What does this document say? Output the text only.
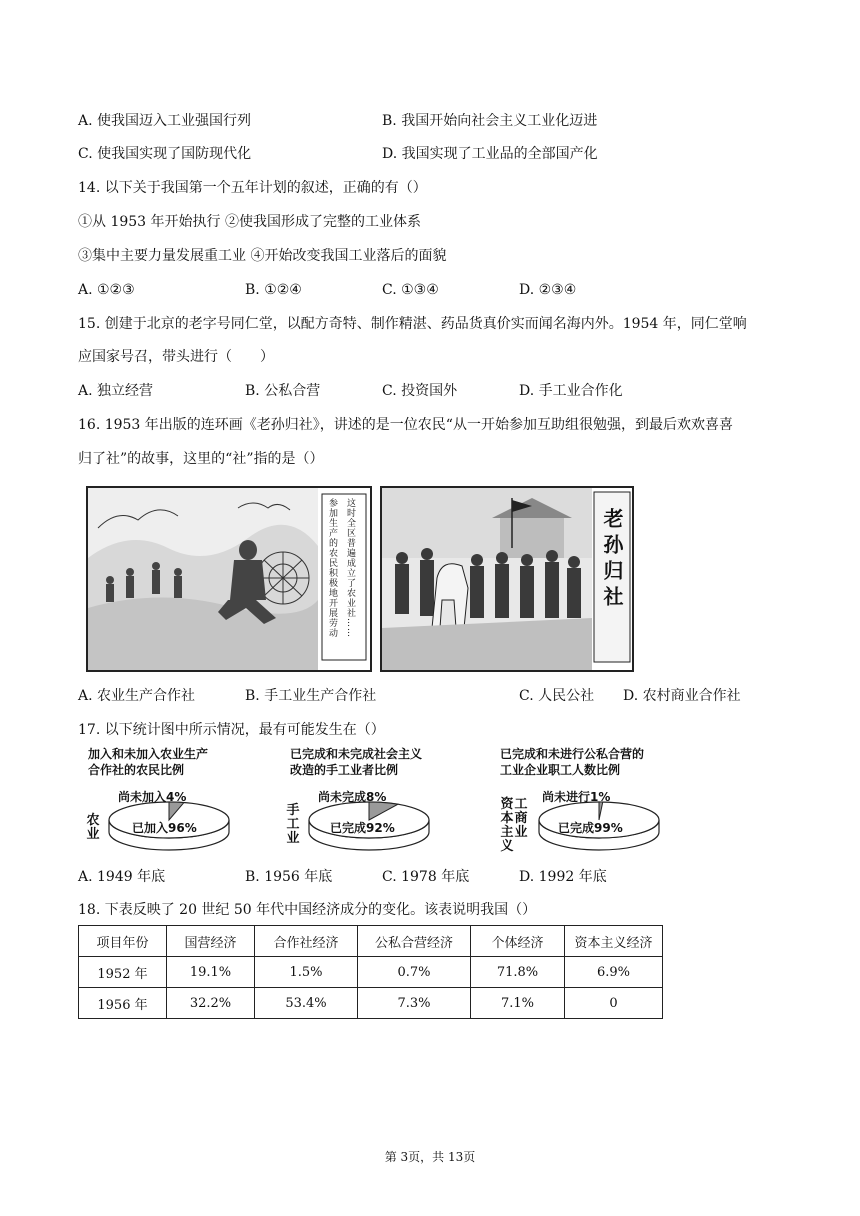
A. 使我国迈入工业强国行列	B. 我国开始向社会主义工业化迈进
C. 使我国实现了国防现代化	D. 我国实现了工业品的全部国产化
14. 以下关于我国第一个五年计划的叙述，正确的有（）
①从 1953 年开始执行 ②使我国形成了完整的工业体系
③集中主要力量发展重工业 ④开始改变我国工业落后的面貌
A. ①②③	B. ①②④	C. ①③④	D. ②③④
15. 创建于北京的老字号同仁堂，以配方奇特、制作精湛、药品货真价实而闻名海内外。1954 年，同仁堂响
应国家号召，带头进行（　　）
A. 独立经营	B. 公私合营	C. 投资国外	D. 手工业合作化
16. 1953 年出版的连环画《老孙归社》，讲述的是一位农民“从一开始参加互助组很勉强，到最后欢欢喜喜
归了社”的故事，这里的“社”指的是（）
这时全区普遍成立了农业社……
参加生产的农民积极地开展劳动	老孙归社
A. 农业生产合作社	B. 手工业生产合作社	C. 人民公社 D. 农村商业合作社
17. 以下统计图中所示情况，最有可能发生在（）
加入和未加入农业生产
合作社的农民比例
农业
尚未加入4%
已加入96%
已完成和未完成社会主义
改造的手工业者比例
手工业
尚未完成8%
已完成92%
已完成和未进行公私合营的
工业企业职工人数比例
工
商
业
资
本
主
义
尚未进行1%
已完成99%
A. 1949 年底	B. 1956 年底	C. 1978 年底	D. 1992 年底
18. 下表反映了 20 世纪 50 年代中国经济成分的变化。该表说明我国（）
项目年份	国营经济	合作社经济	公私合营经济	个体经济	资本主义经济
1952 年	19.1%	1.5%	0.7%	71.8%	6.9%
1956 年	32.2%	53.4%	7.3%	7.1%	0
第 3页，共 13页
